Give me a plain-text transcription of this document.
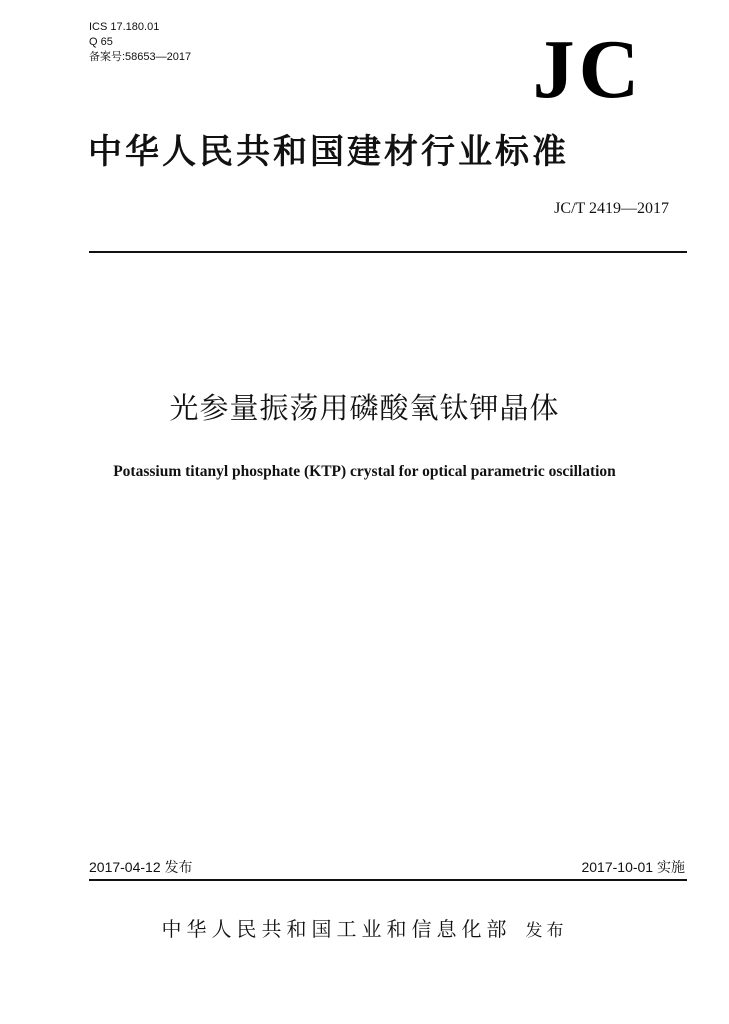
ICS 17.180.01
Q 65
备案号:58653—2017	JC
中华人民共和国建材行业标准
JC/T 2419—2017
光参量振荡用磷酸氧钛钾晶体
Potassium titanyl phosphate (KTP) crystal for optical parametric oscillation
2017-04-12 发布	2017-10-01 实施
中华人民共和国工业和信息化部 发布
